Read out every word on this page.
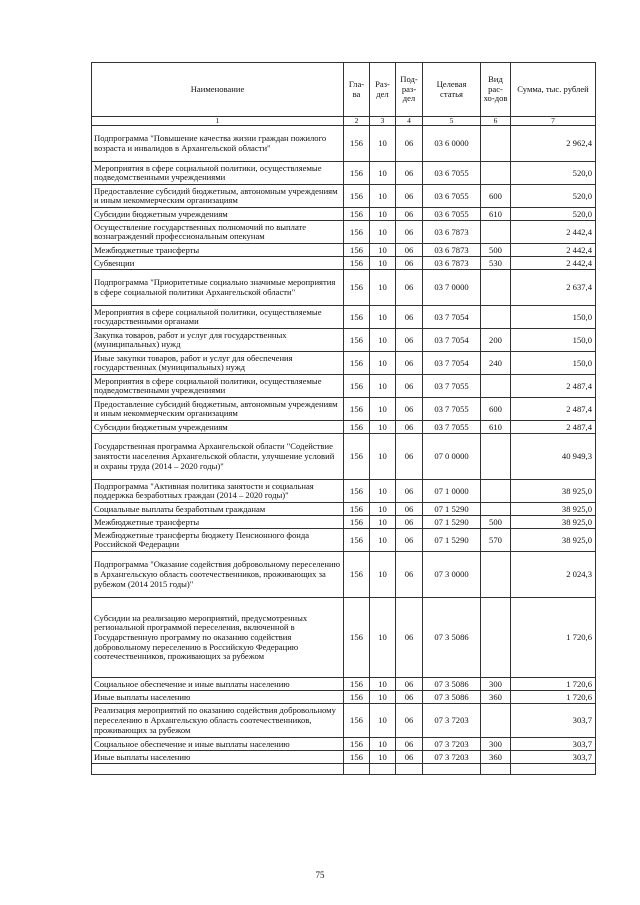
Наименование	Гла-ва	Раз-дел	Под-раз-дел	Целевая статья	Вид рас-хо-дов	Сумма, тыс. рублей
1	2	3	4	5	6	7
Подпрограмма "Повышение качества жизни граждан пожилого возраста и инвалидов в Архангельской области"	156	10	06	03 6 0000		2 962,4
Мероприятия в сфере социальной политики, осуществляемые подведомственными учреждениями	156	10	06	03 6 7055		520,0
Предоставление субсидий бюджетным, автономным учреждениям и иным некоммерческим организациям	156	10	06	03 6 7055	600	520,0
Субсидии бюджетным учреждениям	156	10	06	03 6 7055	610	520,0
Осуществление государственных полномочий по выплате вознаграждений профессиональным опекунам	156	10	06	03 6 7873		2 442,4
Межбюджетные трансферты	156	10	06	03 6 7873	500	2 442,4
Субвенции	156	10	06	03 6 7873	530	2 442,4
Подпрограмма "Приоритетные социально значимые мероприятия в сфере социальной политики Архангельской области"	156	10	06	03 7 0000		2 637,4
Мероприятия в сфере социальной политики, осуществляемые государственными органами	156	10	06	03 7 7054		150,0
Закупка товаров, работ и услуг для государственных (муниципальных) нужд	156	10	06	03 7 7054	200	150,0
Иные закупки товаров, работ и услуг для обеспечения государственных (муниципальных) нужд	156	10	06	03 7 7054	240	150,0
Мероприятия в сфере социальной политики, осуществляемые подведомственными учреждениями	156	10	06	03 7 7055		2 487,4
Предоставление субсидий бюджетным, автономным учреждениям и иным некоммерческим организациям	156	10	06	03 7 7055	600	2 487,4
Субсидии бюджетным учреждениям	156	10	06	03 7 7055	610	2 487,4
Государственная программа Архангельской области "Содействие занятости населения Архангельской области, улучшение условий и охраны труда (2014 – 2020 годы)"	156	10	06	07 0 0000		40 949,3
Подпрограмма "Активная политика занятости и социальная поддержка безработных граждан (2014 – 2020 годы)"	156	10	06	07 1 0000		38 925,0
Социальные выплаты безработным гражданам	156	10	06	07 1 5290		38 925,0
Межбюджетные трансферты	156	10	06	07 1 5290	500	38 925,0
Межбюджетные трансферты бюджету Пенсионного фонда Российской Федерации	156	10	06	07 1 5290	570	38 925,0
Подпрограмма "Оказание содействия добровольному переселению в Архангельскую область соотечественников, проживающих за рубежом (2014 2015 годы)"	156	10	06	07 3 0000		2 024,3
Субсидии на реализацию мероприятий, предусмотренных региональной программой переселения, включенной в Государственную программу по оказанию содействия добровольному переселению в Российскую Федерацию соотечественников, проживающих за рубежом	156	10	06	07 3 5086		1 720,6
Социальное обеспечение и иные выплаты населению	156	10	06	07 3 5086	300	1 720,6
Иные выплаты населению	156	10	06	07 3 5086	360	1 720,6
Реализация мероприятий по оказанию содействия добровольному переселению в Архангельскую область соотечественников, проживающих за рубежом	156	10	06	07 3 7203		303,7
Социальное обеспечение и иные выплаты населению	156	10	06	07 3 7203	300	303,7
Иные выплаты населению	156	10	06	07 3 7203	360	303,7

75
